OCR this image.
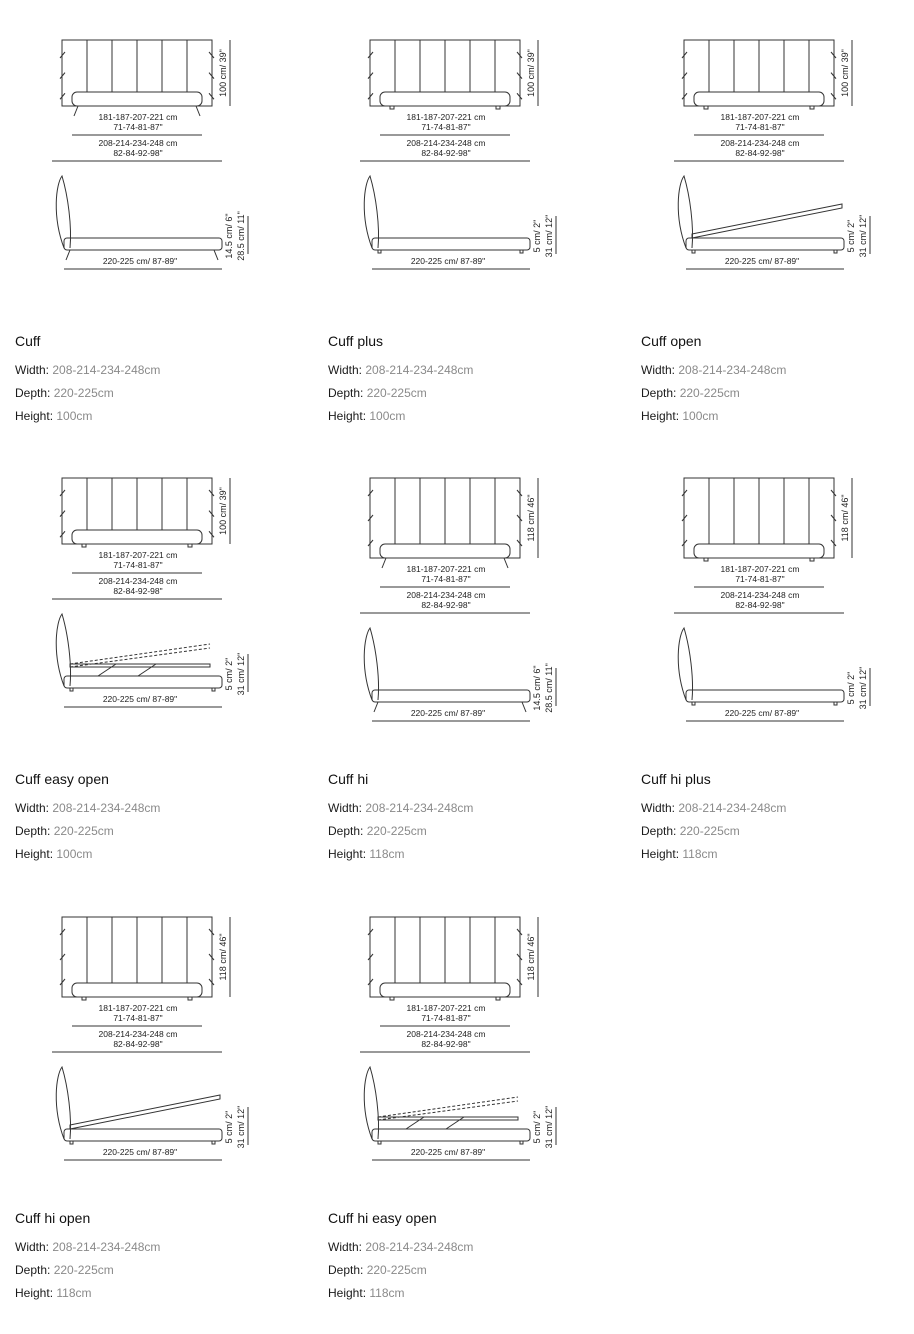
100 cm/ 39"
181-187-207-221 cm
71-74-81-87"
208-214-234-248 cm
82-84-92-98"
220-225 cm/ 87-89"
14.5 cm/ 6" 28.5 cm/ 11"
Cuff
Width: 208-214-234-248cm
Depth: 220-225cm
Height: 100cm
100 cm/ 39"
181-187-207-221 cm
71-74-81-87"
208-214-234-248 cm
82-84-92-98"
220-225 cm/ 87-89"
5 cm/ 2" 31 cm/ 12"
Cuff plus
Width: 208-214-234-248cm
Depth: 220-225cm
Height: 100cm
100 cm/ 39"
181-187-207-221 cm
71-74-81-87"
208-214-234-248 cm
82-84-92-98"
220-225 cm/ 87-89"
5 cm/ 2" 31 cm/ 12"
Cuff open
Width: 208-214-234-248cm
Depth: 220-225cm
Height: 100cm
100 cm/ 39"
181-187-207-221 cm
71-74-81-87"
208-214-234-248 cm
82-84-92-98"
220-225 cm/ 87-89"
5 cm/ 2" 31 cm/ 12"
Cuff easy open
Width: 208-214-234-248cm
Depth: 220-225cm
Height: 100cm
118 cm/ 46"
181-187-207-221 cm
71-74-81-87"
208-214-234-248 cm
82-84-92-98"
220-225 cm/ 87-89"
14.5 cm/ 6" 28.5 cm/ 11"
Cuff hi
Width: 208-214-234-248cm
Depth: 220-225cm
Height: 118cm
118 cm/ 46"
181-187-207-221 cm
71-74-81-87"
208-214-234-248 cm
82-84-92-98"
220-225 cm/ 87-89"
5 cm/ 2" 31 cm/ 12"
Cuff hi plus
Width: 208-214-234-248cm
Depth: 220-225cm
Height: 118cm
118 cm/ 46"
181-187-207-221 cm
71-74-81-87"
208-214-234-248 cm
82-84-92-98"
220-225 cm/ 87-89"
5 cm/ 2" 31 cm/ 12"
Cuff hi open
Width: 208-214-234-248cm
Depth: 220-225cm
Height: 118cm
118 cm/ 46"
181-187-207-221 cm
71-74-81-87"
208-214-234-248 cm
82-84-92-98"
220-225 cm/ 87-89"
5 cm/ 2" 31 cm/ 12"
Cuff hi easy open
Width: 208-214-234-248cm
Depth: 220-225cm
Height: 118cm
